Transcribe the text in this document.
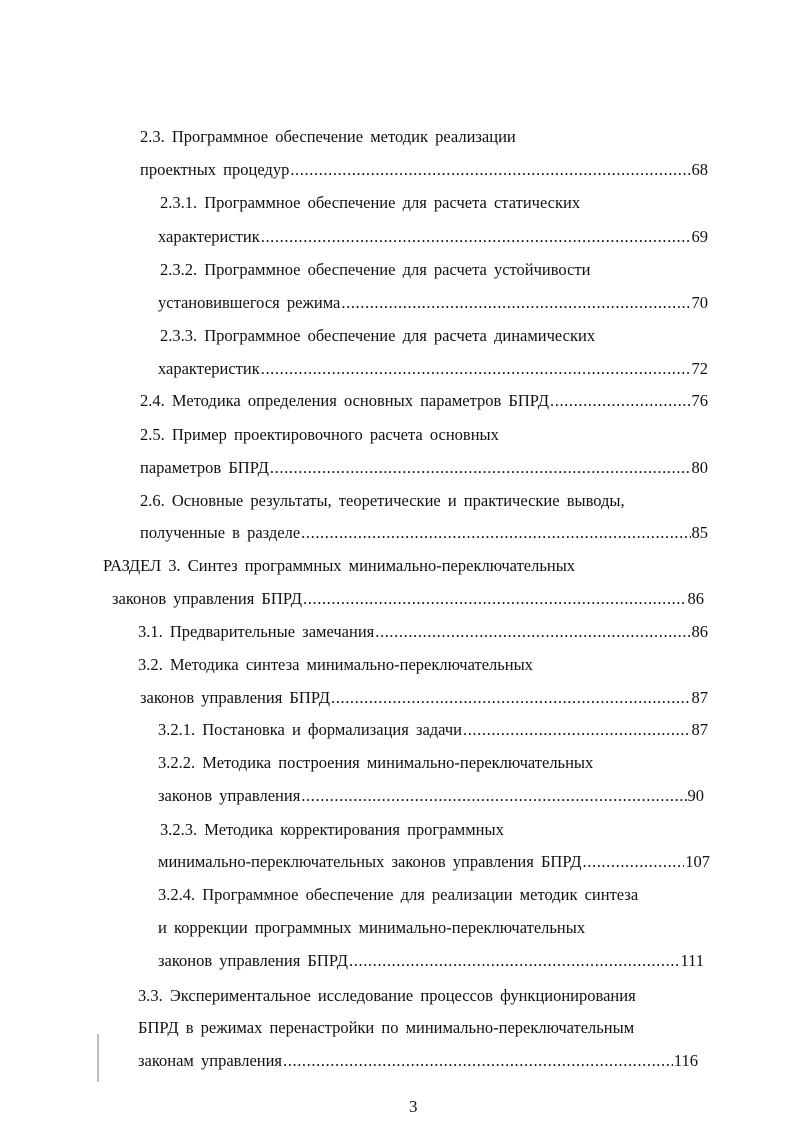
2.3. Программное обеспечение методик реализации
проектных процедур .....	68
2.3.1. Программное обеспечение для расчета статических
характеристик .....	69
2.3.2. Программное обеспечение для расчета устойчивости
установившегося режима .....	70
2.3.3. Программное обеспечение для расчета динамических
характеристик .....	72
2.4. Методика определения основных параметров БПРД .....	76
2.5. Пример проектировочного расчета основных
параметров БПРД .....	80
2.6. Основные результаты, теоретические и практические выводы,
полученные в разделе .....	85
РАЗДЕЛ 3. Синтез программных минимально-переключательных
законов управления БПРД .....	86
3.1. Предварительные замечания .....	86
3.2. Методика синтеза минимально-переключательных
законов управления БПРД .....	87
3.2.1. Постановка и формализация задачи .....	87
3.2.2. Методика построения минимально-переключательных
законов управления .....	90
3.2.3. Методика корректирования программных
минимально-переключательных законов управления БПРД .....	107
3.2.4. Программное обеспечение для реализации методик синтеза
и коррекции программных минимально-переключательных
законов управления БПРД .....	111
3.3. Экспериментальное исследование процессов функционирования
БПРД в режимах перенастройки по минимально-переключательным
законам управления .....	116
3
